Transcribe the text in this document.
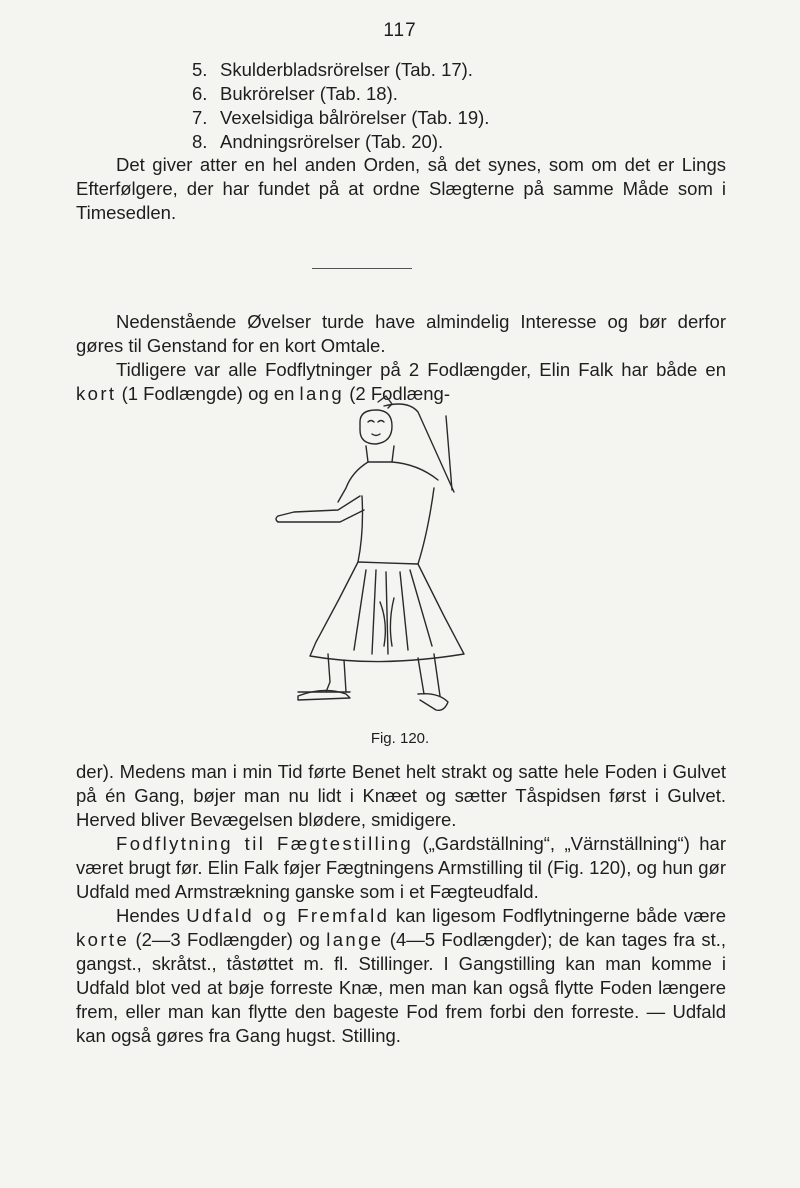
117
5. Skulderbladsrörelser (Tab. 17).
6. Bukrörelser (Tab. 18).
7. Vexelsidiga bålrörelser (Tab. 19).
8. Andningsrörelser (Tab. 20).

Det giver atter en hel anden Orden, så det synes, som om det er Lings Efterfølgere, der har fundet på at ordne Slægterne på samme Måde som i Timesedlen.

Nedenstående Øvelser turde have almindelig Interesse og bør derfor gøres til Genstand for en kort Omtale.

Tidligere var alle Fodflytninger på 2 Fodlængder, Elin Falk har både en kort (1 Fodlængde) og en lang (2 Fodlæng-

Fig. 120.

der). Medens man i min Tid førte Benet helt strakt og satte hele Foden i Gulvet på én Gang, bøjer man nu lidt i Knæet og sætter Tåspidsen først i Gulvet. Herved bliver Bevægelsen blødere, smidigere.

Fodflytning til Fægtestilling („Gardställning“, „Värnställning“) har været brugt før. Elin Falk føjer Fægtningens Armstilling til (Fig. 120), og hun gør Udfald med Armstrækning ganske som i et Fægteudfald.

Hendes Udfald og Fremfald kan ligesom Fodflytningerne både være korte (2—3 Fodlængder) og lange (4—5 Fodlængder); de kan tages fra st., gangst., skråtst., tåstøttet m. fl. Stillinger. I Gangstilling kan man komme i Udfald blot ved at bøje forreste Knæ, men man kan også flytte Foden længere frem, eller man kan flytte den bageste Fod frem forbi den forreste. — Udfald kan også gøres fra Gang hugst. Stilling.
